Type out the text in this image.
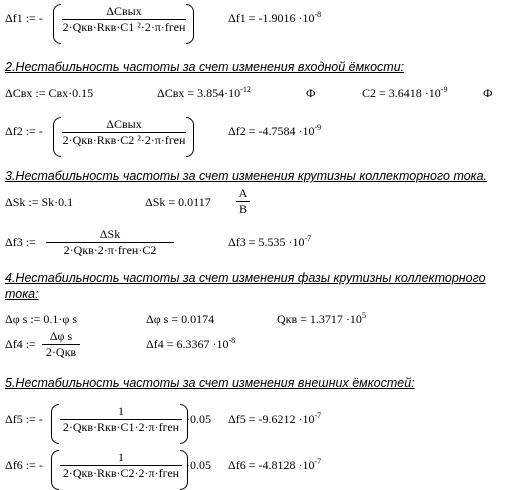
Δf1 := -	ΔCвых
2·Qкв·Rкв·C1 ²·2·π·fген
$\Delta f1 = -1.9016 \cdot 10^{-8}$
2.Нестабильность частоты за счет изменения входной ёмкости:
ΔCвх := Cвх·0.15	$\Delta Cвх = 3.854\cdot 10^{-12}$	Ф	$C2 = 3.6418 \cdot 10^{-9}$	Ф
Δf2 := -	ΔCвых
2·Qкв·Rкв·C2 ²·2·π·fген
$\Delta f2 = -4.7584 \cdot 10^{-9}$
3.Нестабильность частоты за счет изменения крутизны коллекторного тока.
ΔSk := Sk·0.1	ΔSk = 0.0117
A
B
Δf3 :=
ΔSk
2·Qкв·2·π·fген·C2
$\Delta f3 = 5.535 \cdot 10^{-7}$
4.Нестабильность частоты за счет изменения фазы крутизны коллекторного
тока:
Δφ s := 0.1·φ s	Δφ s = 0.0174	Qкв = $1.3717 \cdot 10^5$
Δf4 :=
Δφ s
2·Qкв
$\Delta f4 = 6.3367 \cdot 10^{-8}$
5.Нестабильность частоты за счет изменения внешних ёмкостей:
Δf5 := -
1
2·Qкв·Rкв·C1·2·π·fген
·0.05 $\Delta f5 = -9.6212 \cdot 10^{-7}$
Δf6 := -
1
2·Qкв·Rкв·C2·2·π·fген
·0.05 $\Delta f6 = -4.8128 \cdot 10^{-7}$
